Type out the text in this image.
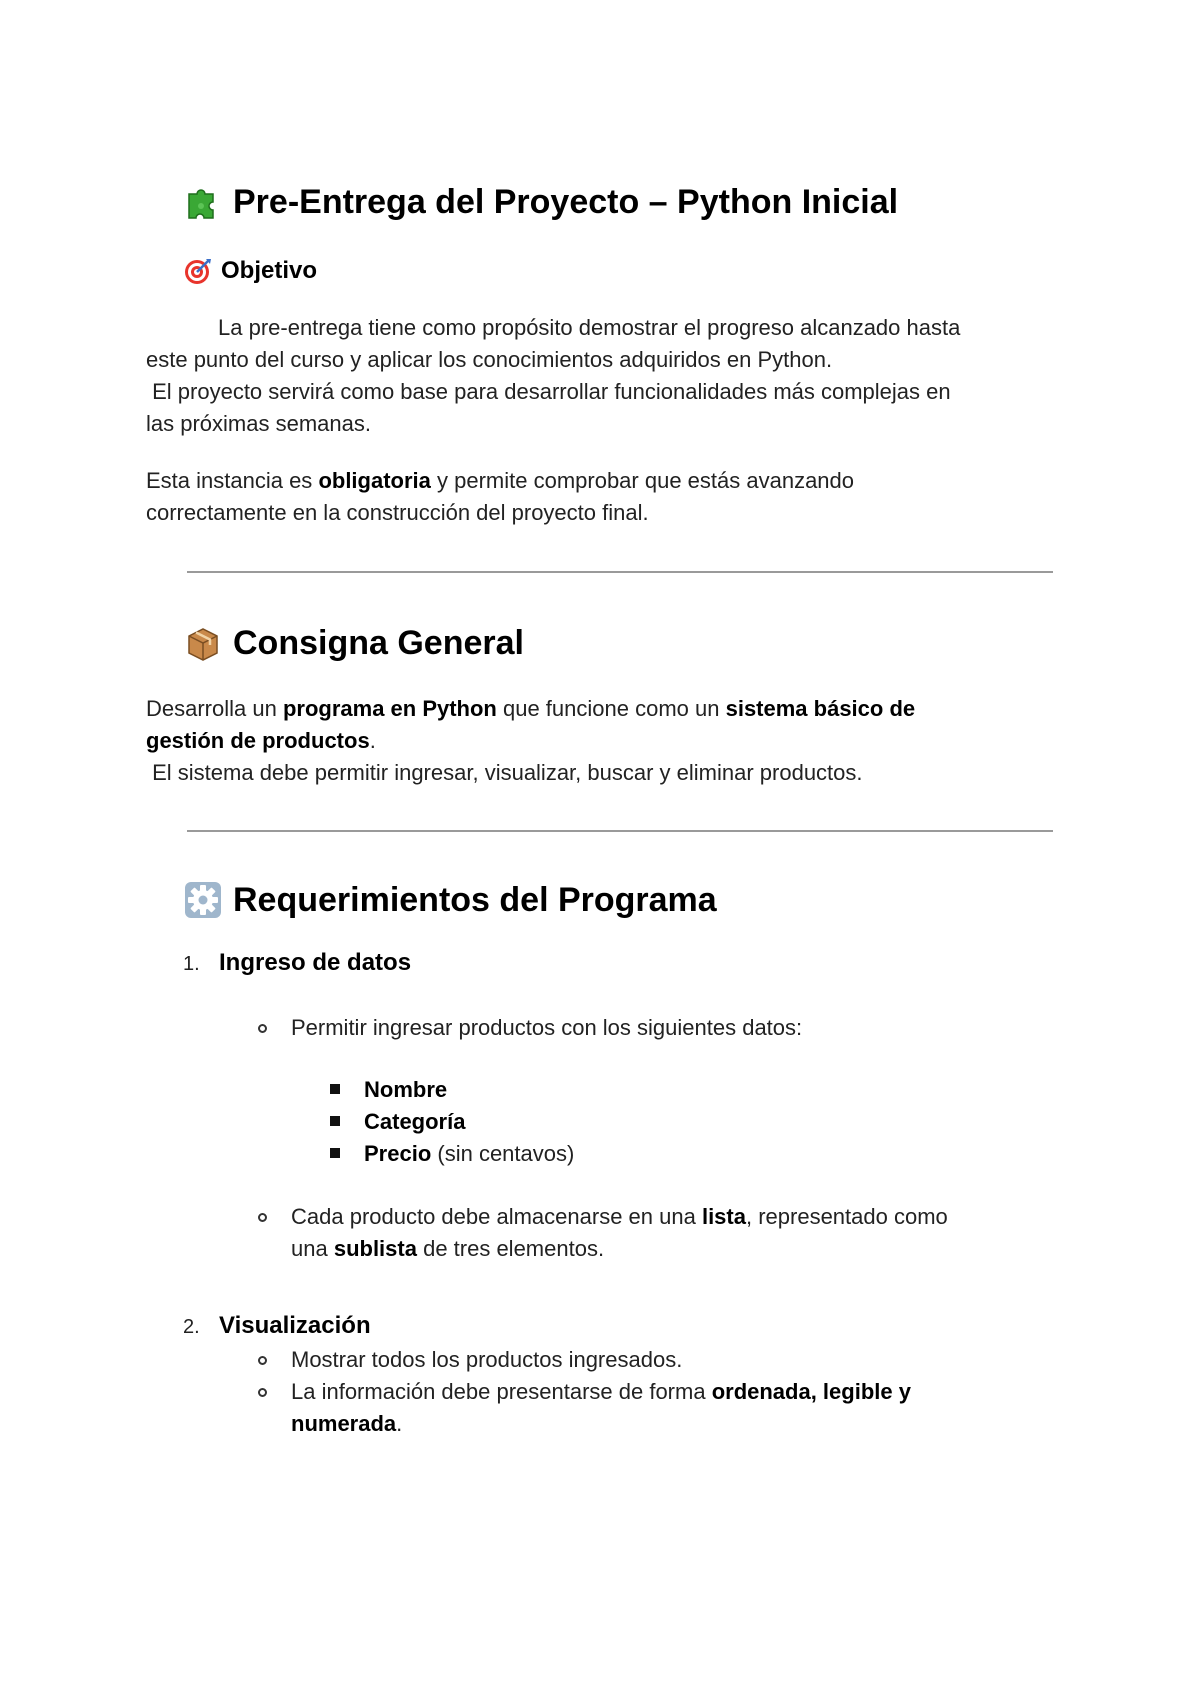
Pre-Entrega del Proyecto – Python Inicial
Objetivo
La pre-entrega tiene como propósito demostrar el progreso alcanzado hasta
este punto del curso y aplicar los conocimientos adquiridos en Python.
El proyecto servirá como base para desarrollar funcionalidades más complejas en
las próximas semanas.
Esta instancia es obligatoria y permite comprobar que estás avanzando
correctamente en la construcción del proyecto final.
Consigna General
Desarrolla un programa en Python que funcione como un sistema básico de
gestión de productos.
El sistema debe permitir ingresar, visualizar, buscar y eliminar productos.
Requerimientos del Programa
1. Ingreso de datos
Permitir ingresar productos con los siguientes datos:
Nombre
Categoría
Precio (sin centavos)
Cada producto debe almacenarse en una lista, representado como
una sublista de tres elementos.
2. Visualización
Mostrar todos los productos ingresados.
La información debe presentarse de forma ordenada, legible y
numerada.
